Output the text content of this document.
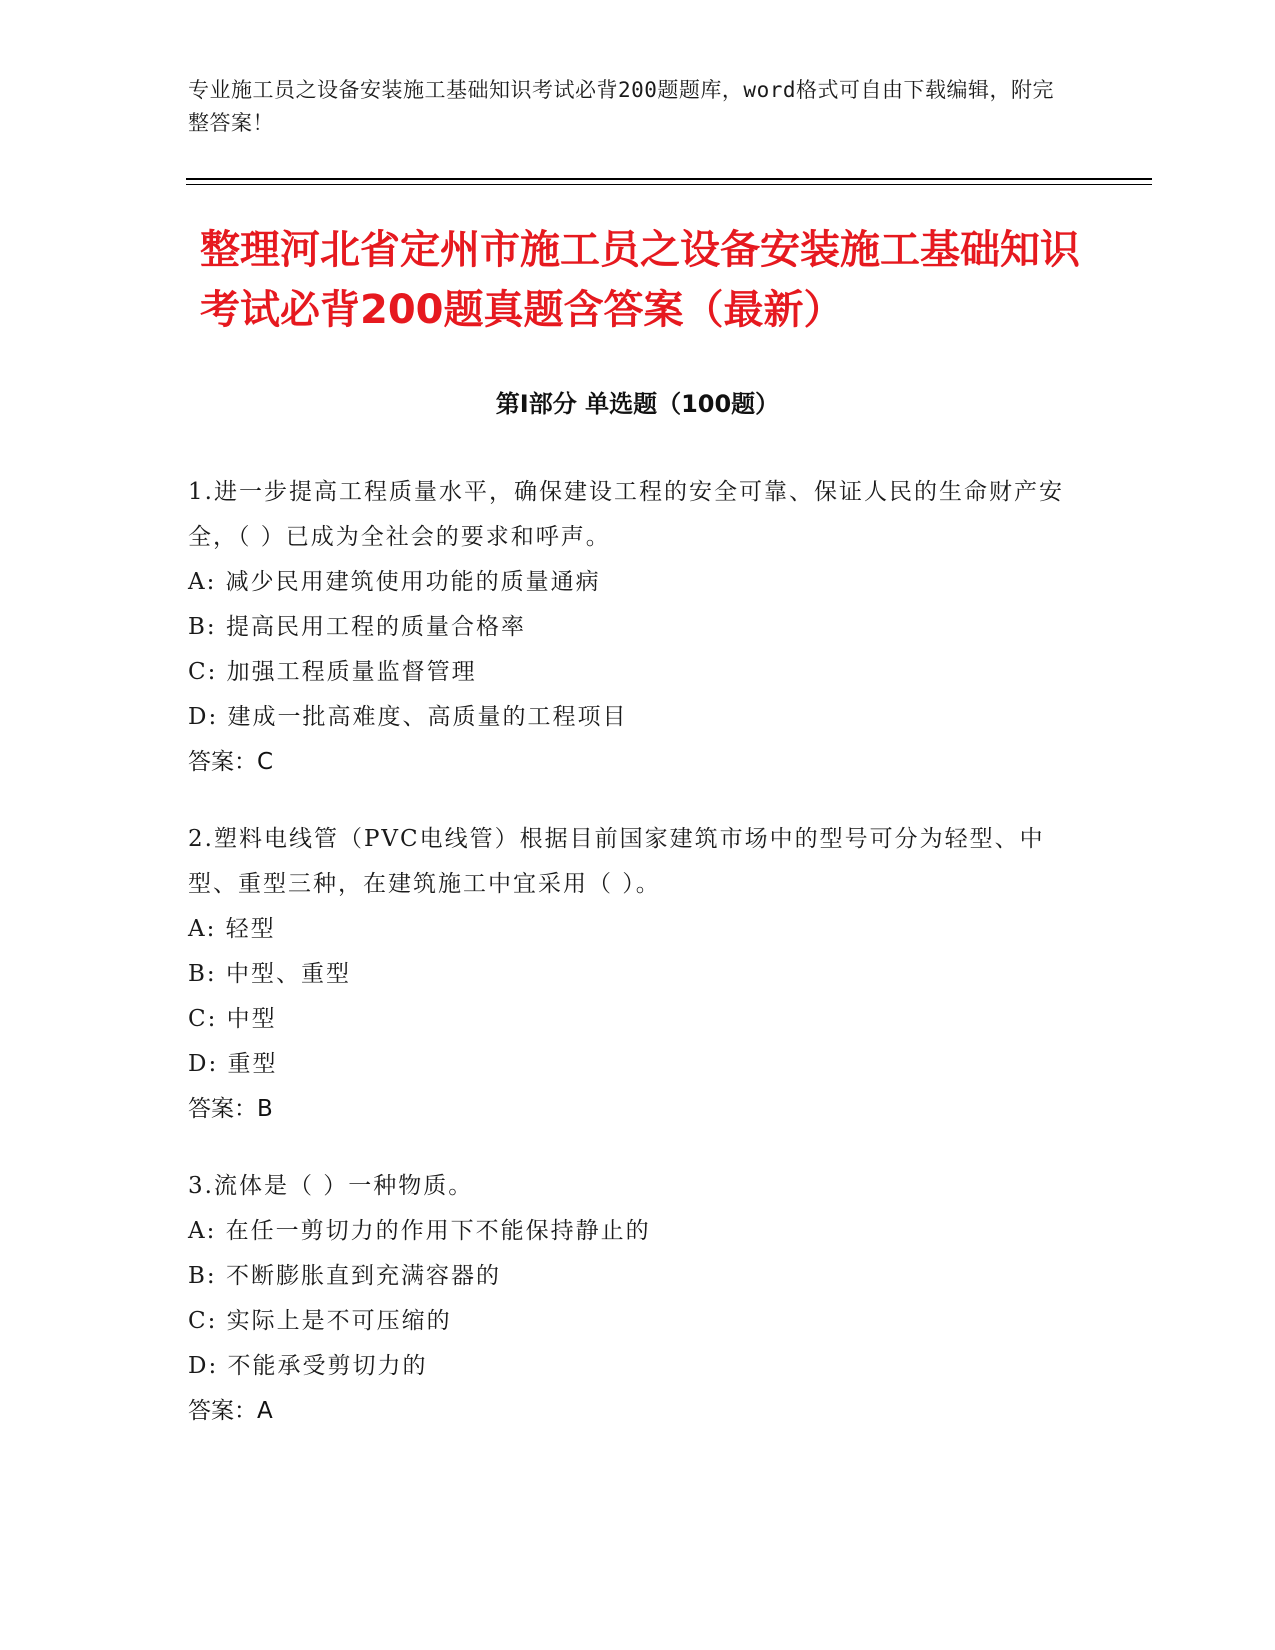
专业施工员之设备安装施工基础知识考试必背200题题库，word格式可自由下载编辑，附完整答案！
整理河北省定州市施工员之设备安装施工基础知识考试必背200题真题含答案（最新）
第I部分 单选题（100题）
1.进一步提高工程质量水平，确保建设工程的安全可靠、保证人民的生命财产安全，（ ）已成为全社会的要求和呼声。
A: 减少民用建筑使用功能的质量通病
B: 提高民用工程的质量合格率
C: 加强工程质量监督管理
D: 建成一批高难度、高质量的工程项目
答案：C
2.塑料电线管（PVC电线管）根据目前国家建筑市场中的型号可分为轻型、中型、重型三种，在建筑施工中宜采用（ ）。
A: 轻型
B: 中型、重型
C: 中型
D: 重型
答案：B
3.流体是（ ）一种物质。
A: 在任一剪切力的作用下不能保持静止的
B: 不断膨胀直到充满容器的
C: 实际上是不可压缩的
D: 不能承受剪切力的
答案：A
